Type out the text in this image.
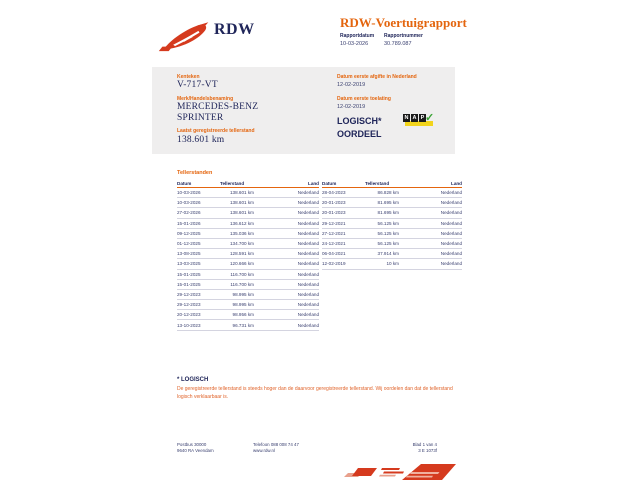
RDW	RDW-Voertuigrapport
Rapportdatum Rapportnummer
10-03-2026	30.789.087
Kenteken
V-717-VT
Merk/Handelsbenaming
MERCEDES-BENZ
SPRINTER
Laatst geregistreerde tellerstand
138.601 km
Datum eerste afgifte in Nederland
12-02-2019
Datum eerste toelating
12-02-2019
LOGISCH*
OORDEEL
N A P ✓
Tellerstanden
Datum	Tellerstand	Land
10-03-2026	138.601 km	Nederland
10-03-2026	138.601 km	Nederland
27-02-2026	138.601 km	Nederland
15-01-2026	136.612 km	Nederland
09-12-2025	135.036 km	Nederland
01-12-2025	134.700 km	Nederland
13-08-2025	128.591 km	Nederland
13-03-2025	120.666 km	Nederland
15-01-2025	116.700 km	Nederland
15-01-2025	116.700 km	Nederland
29-12-2023	98.995 km	Nederland
29-12-2023	98.995 km	Nederland
20-12-2023	98.956 km	Nederland
13-10-2023	96.731 km	Nederland
Datum	Tellerstand	Land
28-04-2023	86.828 km	Nederland
20-01-2023	81.695 km	Nederland
20-01-2023	81.695 km	Nederland
29-12-2021	56.125 km	Nederland
27-12-2021	56.125 km	Nederland
24-12-2021	56.125 km	Nederland
06-04-2021	37.914 km	Nederland
12-02-2019	10 km	Nederland
* LOGISCH
De geregistreerde tellerstand is steeds hoger dan de daarvoor geregistreerde tellerstand. Wij oordelen dan dat de tellerstand logisch verklaarbaar is.
Postbus 30000
9640 RA Veendam
Telefoon 088 008 74 47
www.rdw.nl
Blad 1 van 4
3 E 1073f
